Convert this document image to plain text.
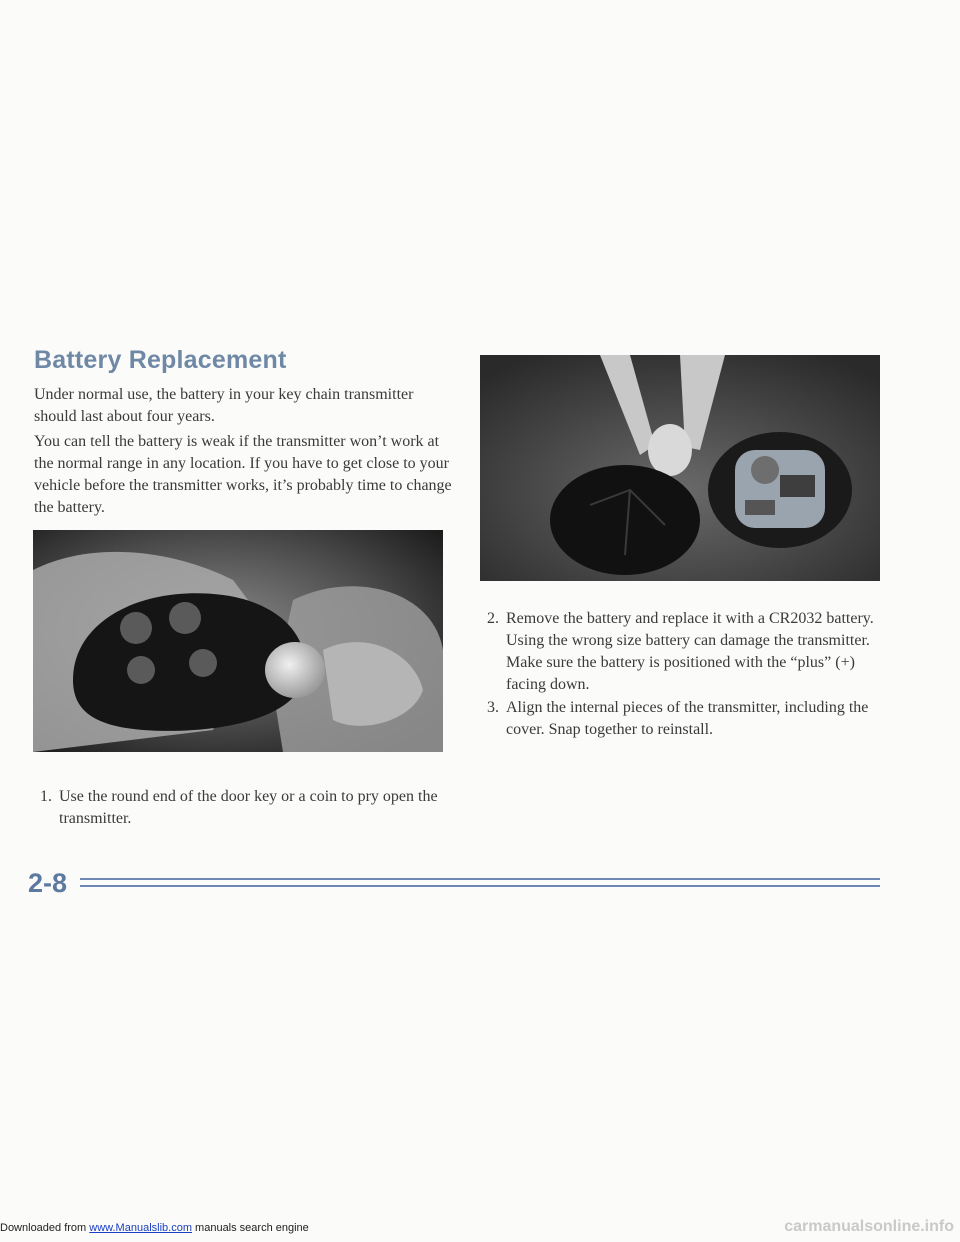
Battery Replacement

Under normal use, the battery in your key chain transmitter should last about four years.

You can tell the battery is weak if the transmitter won’t work at the normal range in any location. If you have to get close to your vehicle before the transmitter works, it’s probably time to change the battery.

1. Use the round end of the door key or a coin to pry open the transmitter.

2. Remove the battery and replace it with a CR2032 battery. Using the wrong size battery can damage the transmitter. Make sure the battery is positioned with the “plus” (+) facing down.

3. Align the internal pieces of the transmitter, including the cover. Snap together to reinstall.

2-8

Downloaded from www.Manualslib.com manuals search engine	carmanualsonline.info
